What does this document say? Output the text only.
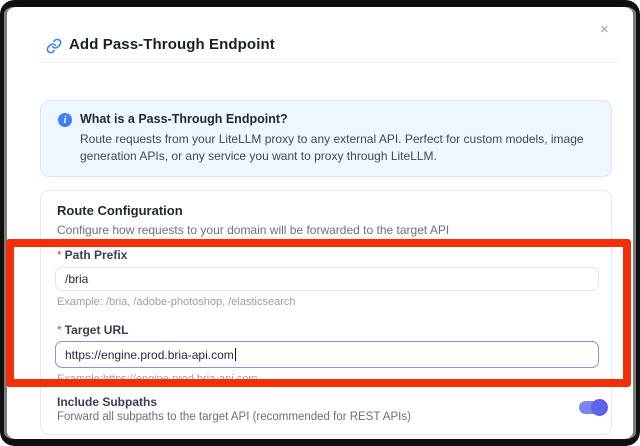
Add Pass-Through Endpoint
×
i	What is a Pass-Through Endpoint?
Route requests from your LiteLLM proxy to any external API. Perfect for custom models, image generation APIs, or any service you want to proxy through LiteLLM.
Route Configuration
Configure how requests to your domain will be forwarded to the target API
* Path Prefix
/bria
Example: /bria, /adobe-photoshop, /elasticsearch
* Target URL
https://engine.prod.bria-api.com
Example:https://engine.prod.bria-api.com
Include Subpaths
Forward all subpaths to the target API (recommended for REST APIs)
